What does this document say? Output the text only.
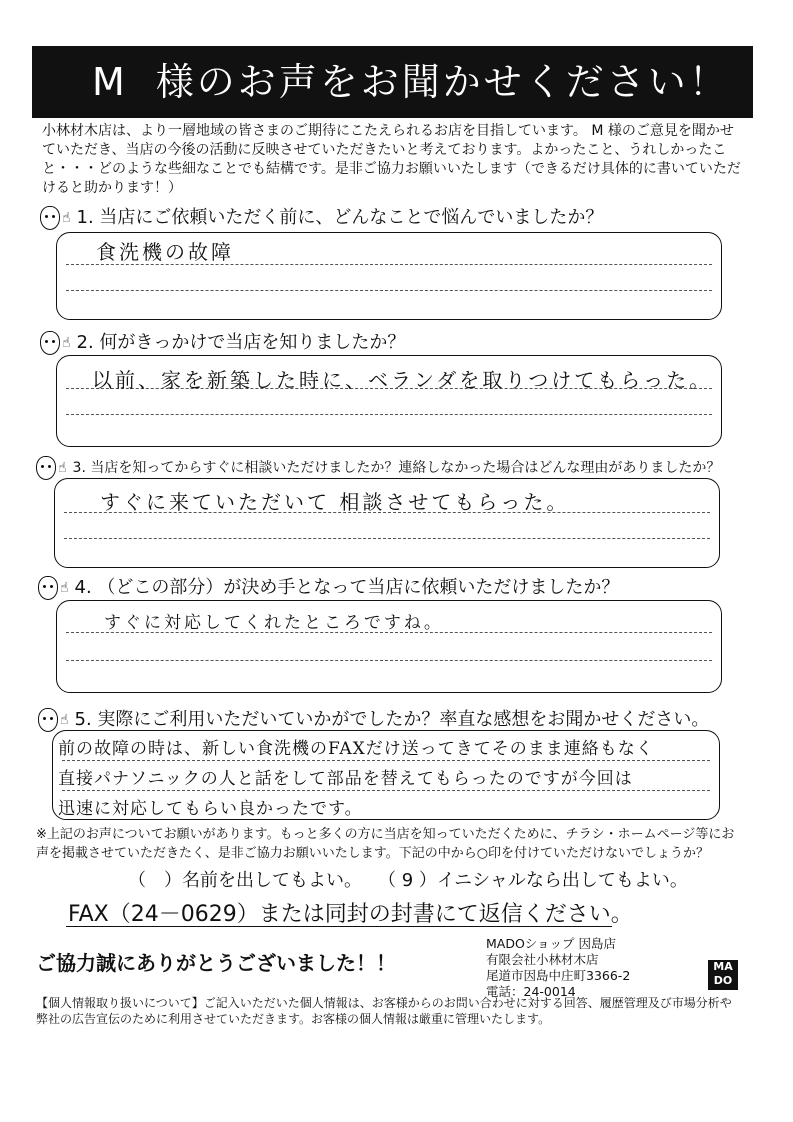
M 様のお声をお聞かせください！
小林材木店は、より一層地域の皆さまのご期待にこたえられるお店を目指しています。 M 様のご意見を聞かせていただき、当店の今後の活動に反映させていただきたいと考えております。よかったこと、うれしかったこと・・・どのような些細なことでも結構です。是非ご協力お願いいたします（できるだけ具体的に書いていただけると助かります！）
☝ 1. 当店にご依頼いただく前に、どんなことで悩んでいましたか？
食洗機の故障
☝ 2. 何がきっかけで当店を知りましたか？
以前、家を新築した時に、ベランダを取りつけてもらった。
☝ 3. 当店を知ってからすぐに相談いただけましたか？連絡しなかった場合はどんな理由がありましたか？
すぐに来ていただいて 相談させてもらった。
☝ 4. （どこの部分）が決め手となって当店に依頼いただけましたか？
すぐに対応してくれたところですね。
☝ 5. 実際にご利用いただいていかがでしたか？率直な感想をお聞かせください。
前の故障の時は、新しい食洗機のFAXだけ送ってきてそのまま連絡もなく
直接パナソニックの人と話をして部品を替えてもらったのですが今回は
迅速に対応してもらい良かったです。
※上記のお声についてお願いがあります。もっと多くの方に当店を知っていただくために、チラシ・ホームページ等にお声を掲載させていただきたく、是非ご協力お願いいたします。下記の中から○印を付けていただけないでしょうか？
（　）名前を出してもよい。 （ 9 ）イニシャルなら出してもよい。
FAX（24－0629）または同封の封書にて返信ください。
ご協力誠にありがとうございました！！
MADOショップ 因島店
有限会社小林材木店
尾道市因島中庄町3366-2
電話：24-0014
MA
DO
【個人情報取り扱いについて】ご記入いただいた個人情報は、お客様からのお問い合わせに対する回答、履歴管理及び市場分析や弊社の広告宣伝のために利用させていただきます。お客様の個人情報は厳重に管理いたします。
